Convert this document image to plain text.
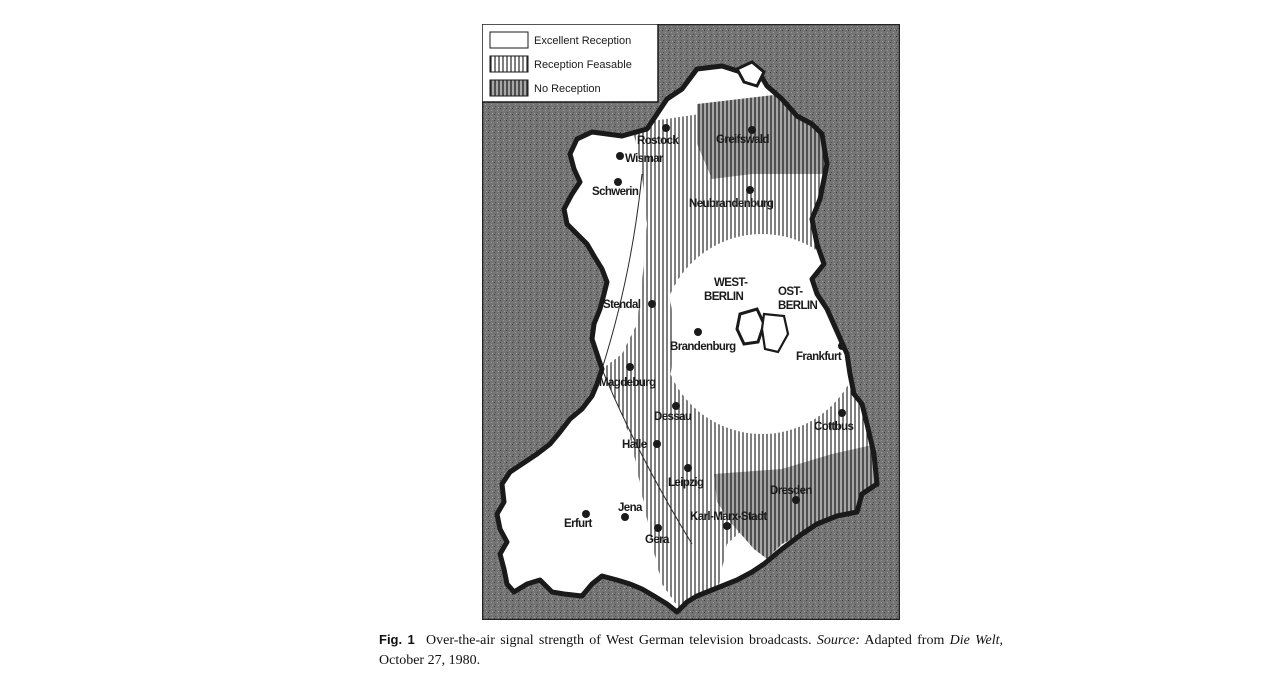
Excellent Reception
Reception Feasable
No Reception
Rostock
Wismar
Greifswald
Schwerin
Neubrandenburg
WEST-
BERLIN	OST-
BERLIN
Stendal
Brandenburg
Frankfurt
Magdeburg
Dessau
Cottbus
Halle
Leipzig
Dresden
Jena
Erfurt
Karl-Marx-Stadt
Gera
Fig. 1 Over-the-air signal strength of West German television broadcasts. Source: Adapted from Die Welt, October 27, 1980.
